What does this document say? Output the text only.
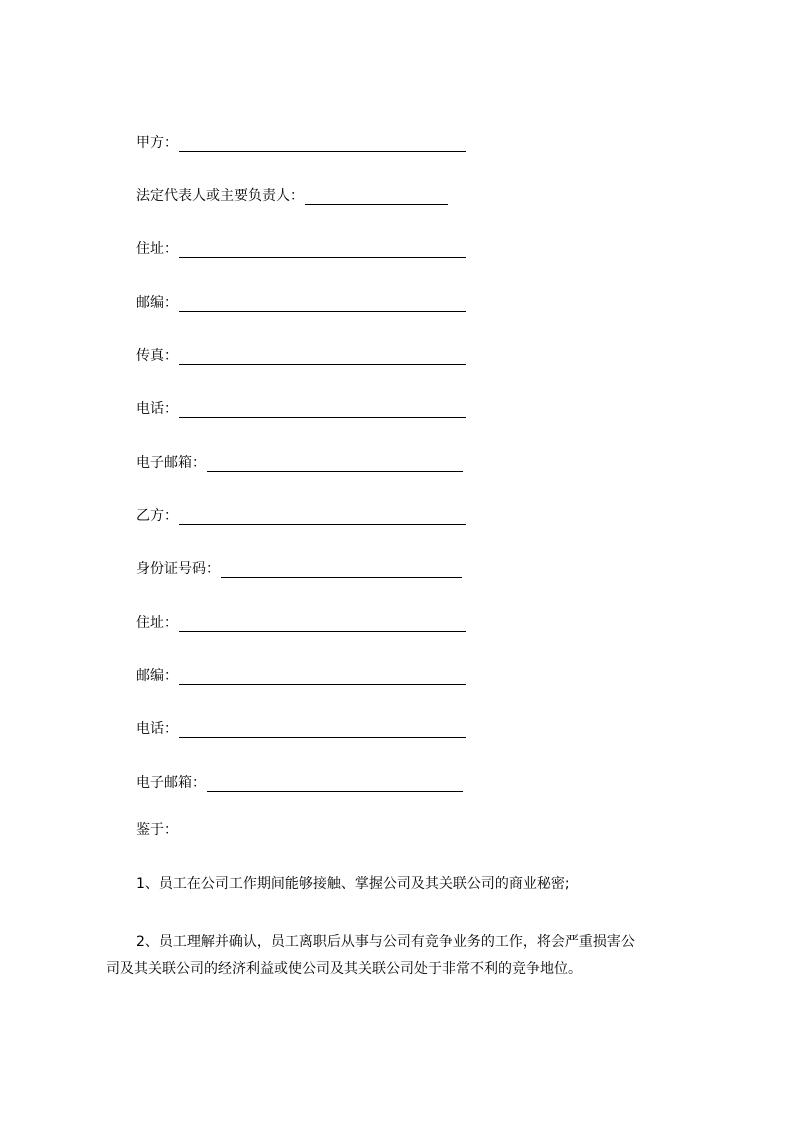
甲方：
法定代表人或主要负责人：
住址：
邮编：
传真：
电话：
电子邮箱：
乙方：
身份证号码：
住址：
邮编：
电话：
电子邮箱：
鉴于：
1、员工在公司工作期间能够接触、掌握公司及其关联公司的商业秘密;
2、员工理解并确认，员工离职后从事与公司有竞争业务的工作，将会严重损害公
司及其关联公司的经济利益或使公司及其关联公司处于非常不利的竞争地位。
